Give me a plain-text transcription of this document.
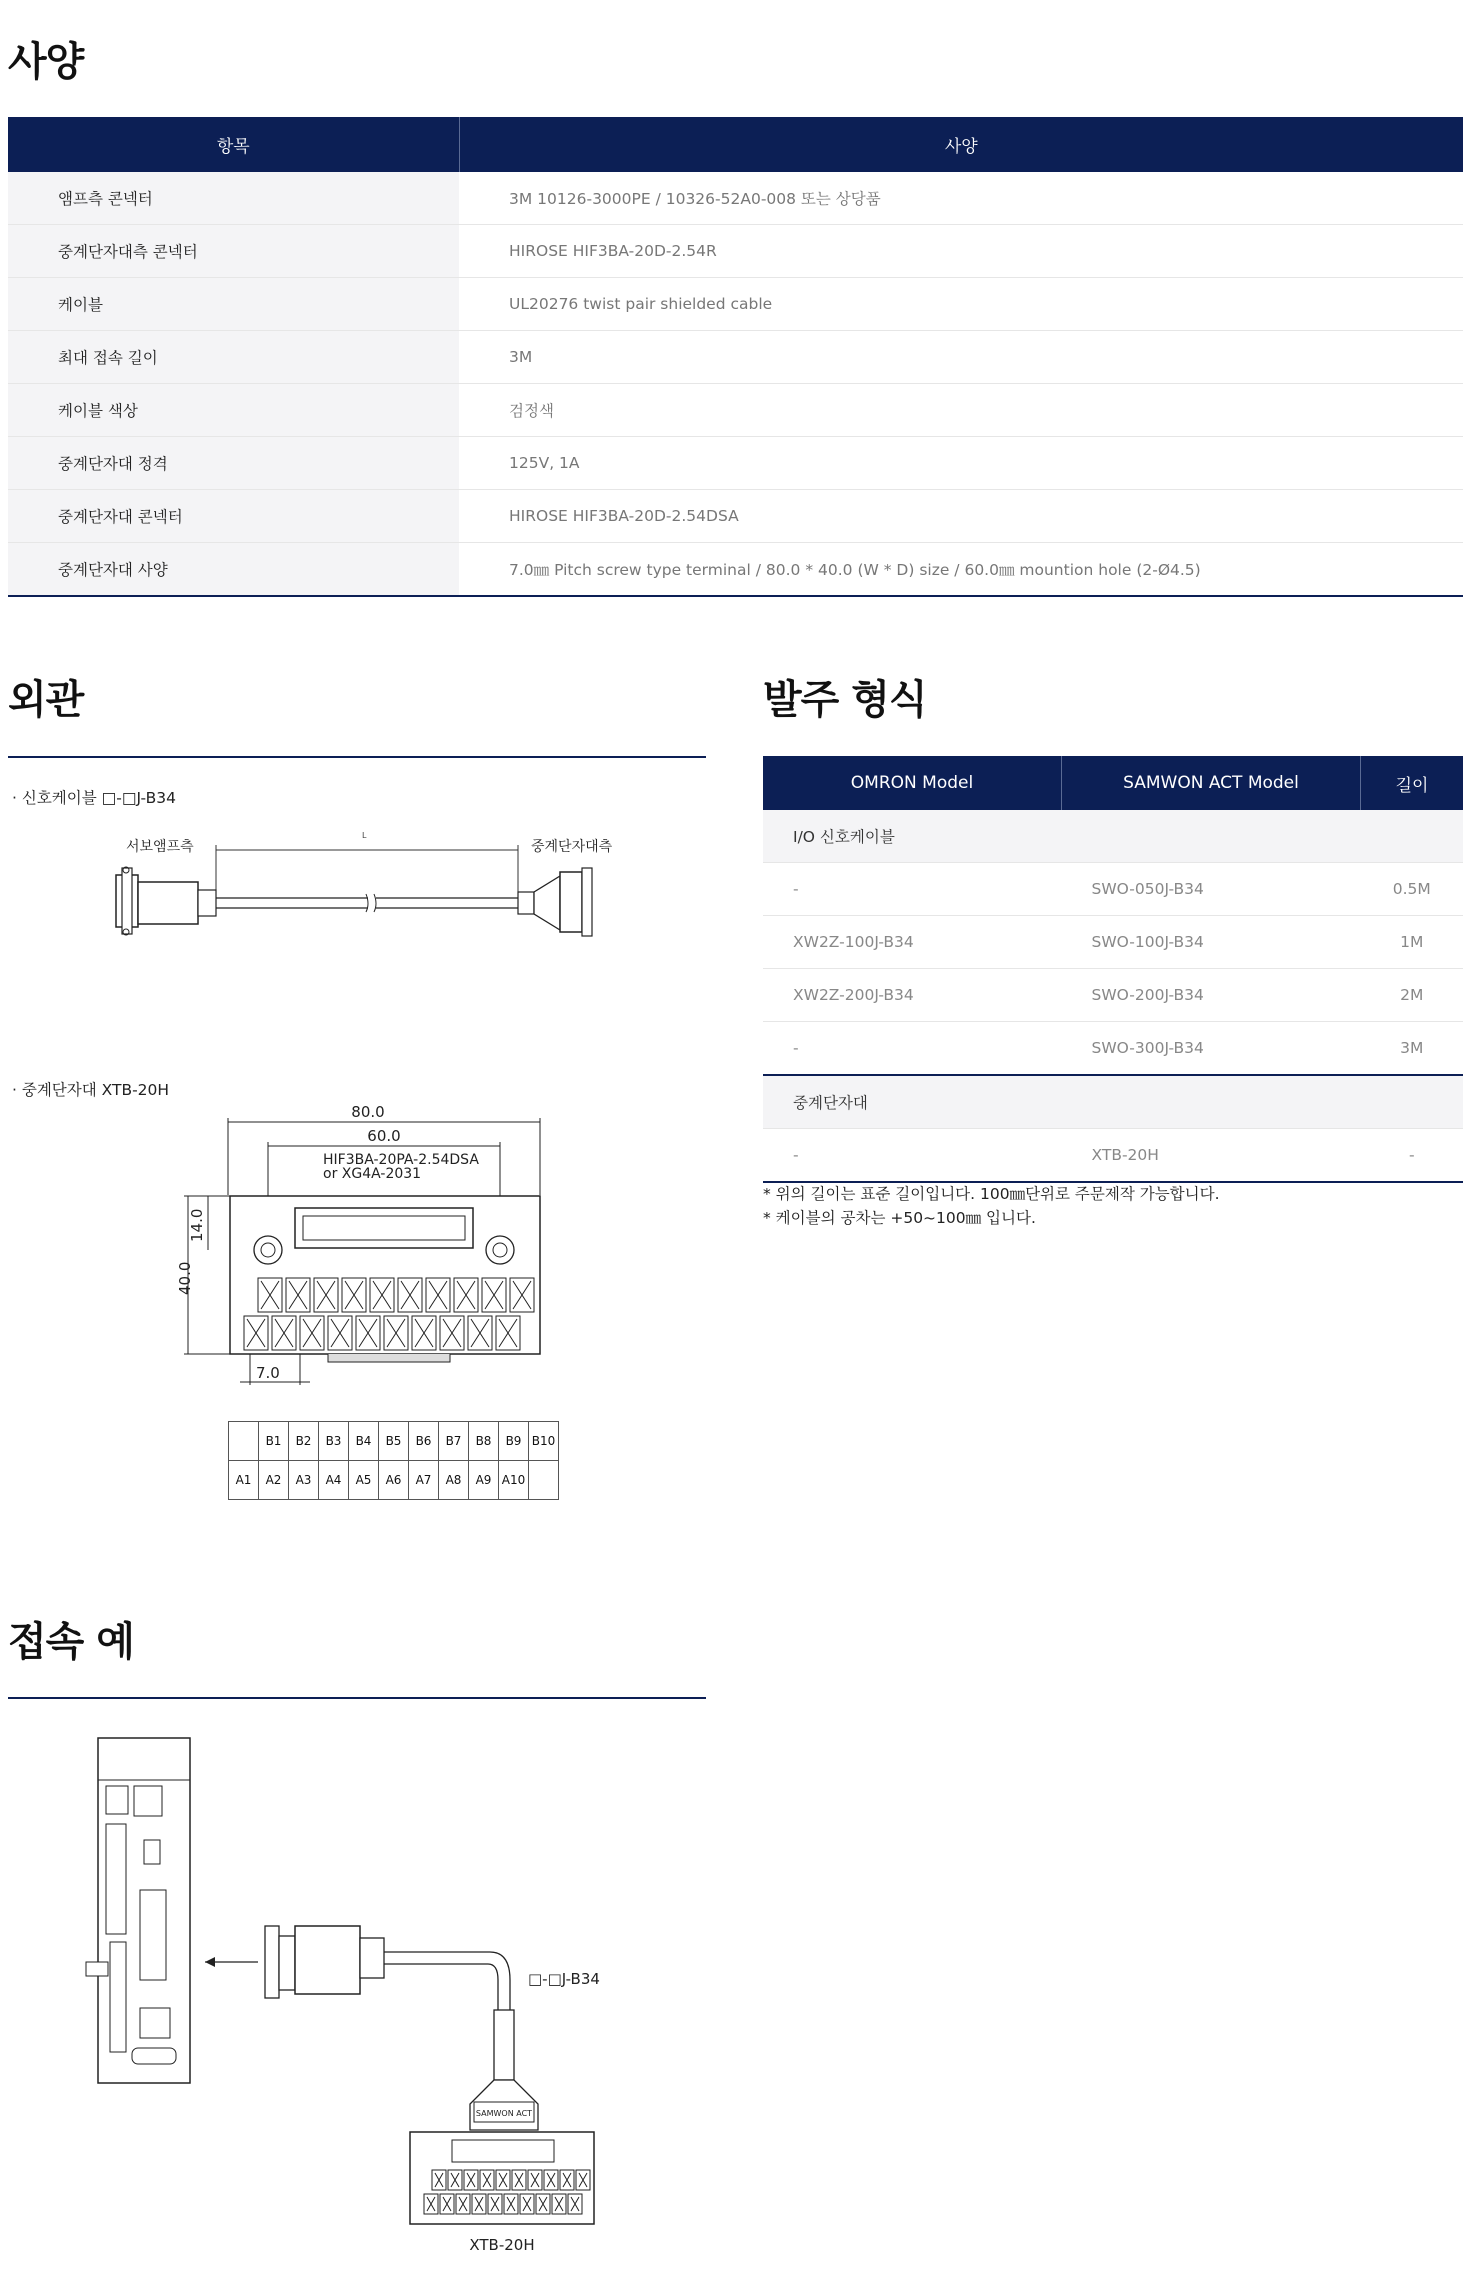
사양
항목	사양
앰프측 콘넥터	3M 10126-3000PE / 10326-52A0-008 또는 상당품
중계단자대측 콘넥터	HIROSE HIF3BA-20D-2.54R
케이블	UL20276 twist pair shielded cable
최대 접속 길이	3M
케이블 색상	검정색
중계단자대 정격	125V, 1A
중계단자대 콘넥터	HIROSE HIF3BA-20D-2.54DSA
중계단자대 사양	7.0㎜ Pitch screw type terminal / 80.0 * 40.0 (W * D) size / 60.0㎜ mountion hole (2-Ø4.5)
외관
· 신호케이블 □-□J-B34
서보앰프측	중계단자대측
L
· 중계단자대 XTB-20H
80.0
60.0
HIF3BA-20PA-2.54DSA
or XG4A-2031
40.0
14.0
7.0
	B1	B2	B3	B4	B5	B6	B7	B8	B9	B10
A1	A2	A3	A4	A5	A6	A7	A8	A9	A10	
발주 형식
OMRON Model	SAMWON ACT Model	길이
I/O 신호케이블		
-	SWO-050J-B34	0.5M
XW2Z-100J-B34	SWO-100J-B34	1M
XW2Z-200J-B34	SWO-200J-B34	2M
-	SWO-300J-B34	3M
중계단자대		
-	XTB-20H	-
* 위의 길이는 표준 길이입니다. 100㎜단위로 주문제작 가능합니다.
* 케이블의 공차는 +50~100㎜ 입니다.
접속 예
SAMWON ACT
□-□J-B34
XTB-20H
